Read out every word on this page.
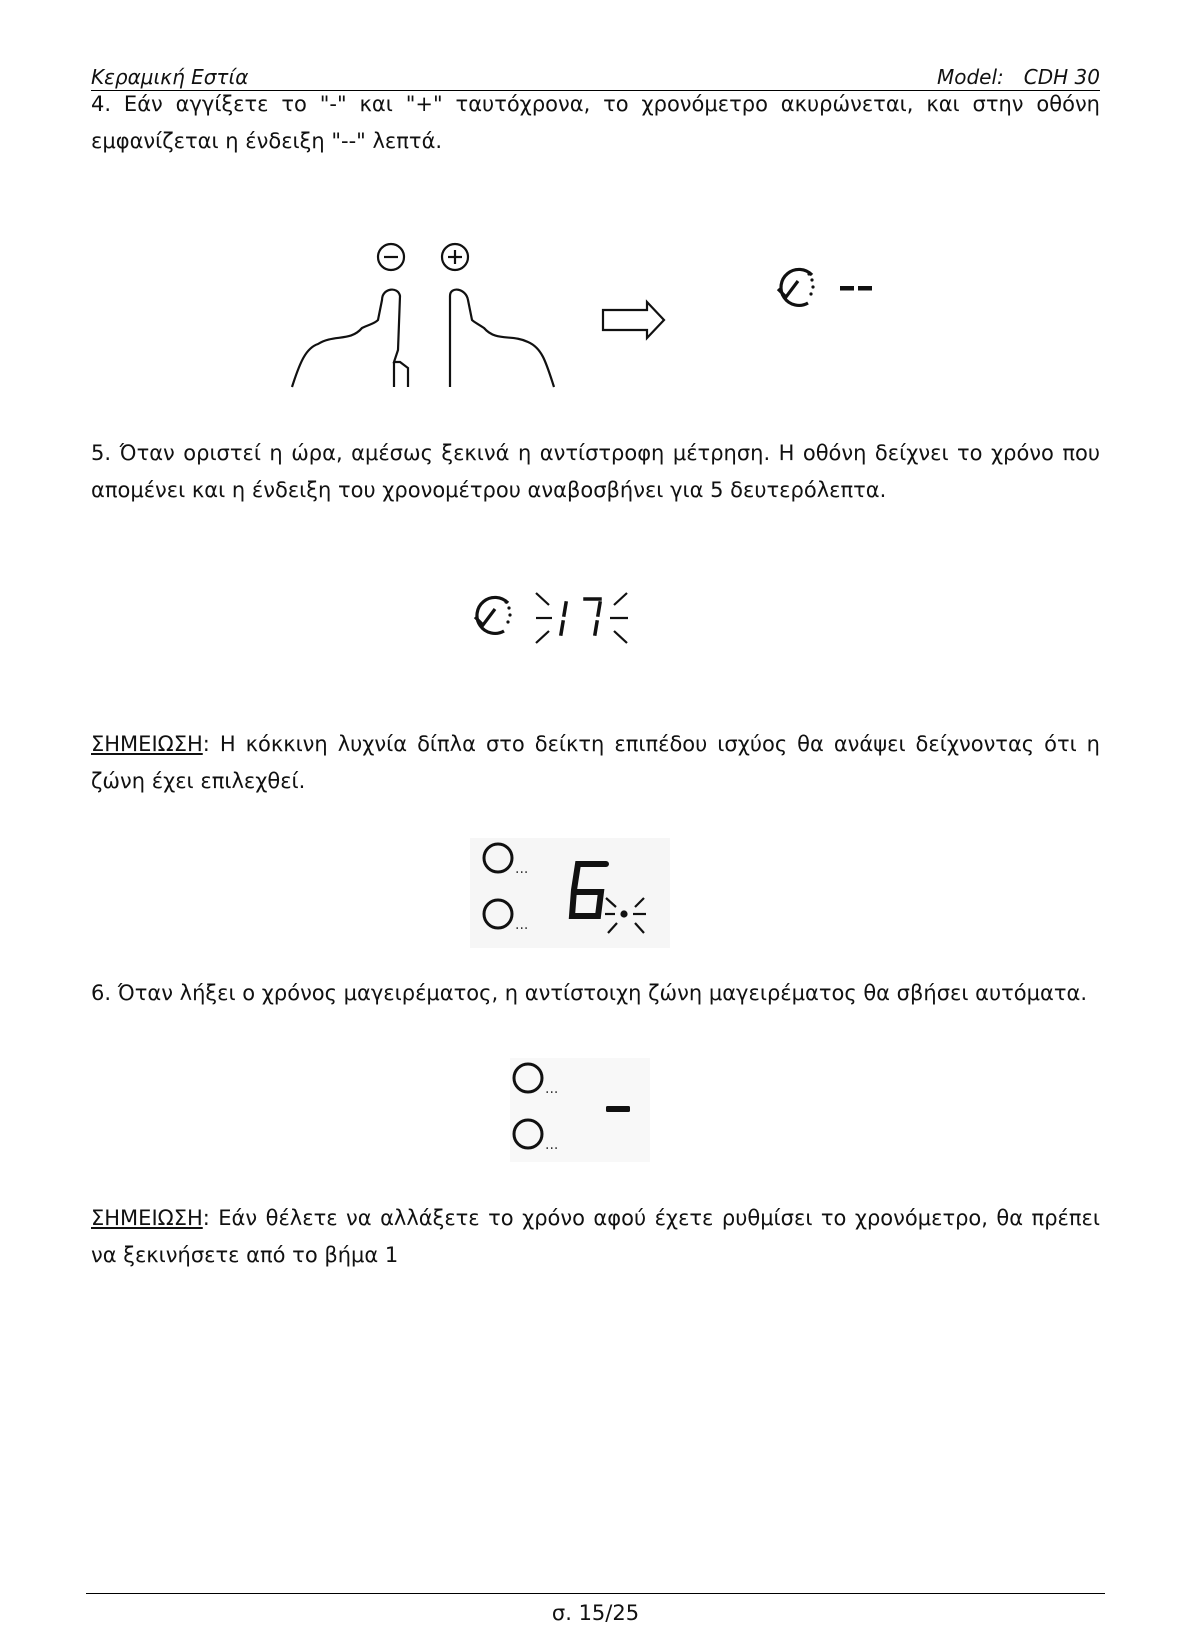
Κεραμική Εστία	Model: CDH 30

4. Εάν αγγίξετε το "-" και "+" ταυτόχρονα, το χρονόμετρο ακυρώνεται, και στην οθόνη εμφανίζεται η ένδειξη "--" λεπτά.

5. Όταν οριστεί η ώρα, αμέσως ξεκινά η αντίστροφη μέτρηση. Η οθόνη δείχνει το χρόνο που απομένει και η ένδειξη του χρονομέτρου αναβοσβήνει για 5 δευτερόλεπτα.

ΣΗΜΕΙΩΣΗ: Η κόκκινη λυχνία δίπλα στο δείκτη επιπέδου ισχύος θα ανάψει δείχνοντας ότι η ζώνη έχει επιλεχθεί.

...
...

6. Όταν λήξει ο χρόνος μαγειρέματος, η αντίστοιχη ζώνη μαγειρέματος θα σβήσει αυτόματα.

...
...

ΣΗΜΕΙΩΣΗ: Εάν θέλετε να αλλάξετε το χρόνο αφού έχετε ρυθμίσει το χρονόμετρο, θα πρέπει να ξεκινήσετε από το βήμα 1

σ. 15/25
